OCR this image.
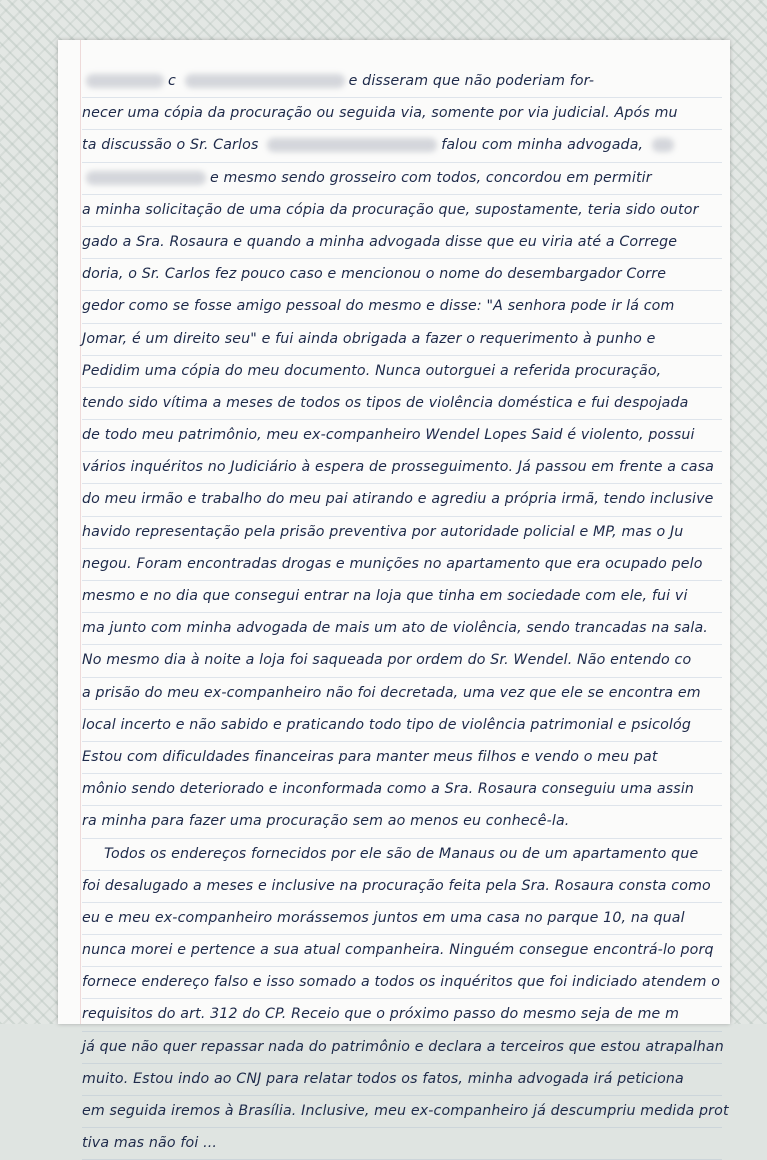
c	e disseram que não poderiam for-
necer uma cópia da procuração ou seguida via, somente por via judicial. Após mu
ta discussão o Sr. Carlos	falou com minha advogada,
e mesmo sendo grosseiro com todos, concordou em permitir
a minha solicitação de uma cópia da procuração que, supostamente, teria sido outor
gado a Sra. Rosaura e quando a minha advogada disse que eu viria até a Correge
doria, o Sr. Carlos fez pouco caso e mencionou o nome do desembargador Corre
gedor como se fosse amigo pessoal do mesmo e disse: "A senhora pode ir lá com
Jomar, é um direito seu" e fui ainda obrigada a fazer o requerimento à punho e
Pedidim uma cópia do meu documento. Nunca outorguei a referida procuração,
tendo sido vítima a meses de todos os tipos de violência doméstica e fui despojada
de todo meu patrimônio, meu ex-companheiro Wendel Lopes Said é violento, possui
vários inquéritos no Judiciário à espera de prosseguimento. Já passou em frente a casa
do meu irmão e trabalho do meu pai atirando e agrediu a própria irmã, tendo inclusive
havido representação pela prisão preventiva por autoridade policial e MP, mas o Ju
negou. Foram encontradas drogas e munições no apartamento que era ocupado pelo
mesmo e no dia que consegui entrar na loja que tinha em sociedade com ele, fui vi
ma junto com minha advogada de mais um ato de violência, sendo trancadas na sala.
No mesmo dia à noite a loja foi saqueada por ordem do Sr. Wendel. Não entendo co
a prisão do meu ex-companheiro não foi decretada, uma vez que ele se encontra em
local incerto e não sabido e praticando todo tipo de violência patrimonial e psicológ
Estou com dificuldades financeiras para manter meus filhos e vendo o meu pat
mônio sendo deteriorado e inconformada como a Sra. Rosaura conseguiu uma assin
ra minha para fazer uma procuração sem ao menos eu conhecê-la.
Todos os endereços fornecidos por ele são de Manaus ou de um apartamento que
foi desalugado a meses e inclusive na procuração feita pela Sra. Rosaura consta como
eu e meu ex-companheiro morássemos juntos em uma casa no parque 10, na qual
nunca morei e pertence a sua atual companheira. Ninguém consegue encontrá-lo porq
fornece endereço falso e isso somado a todos os inquéritos que foi indiciado atendem o
requisitos do art. 312 do CP. Receio que o próximo passo do mesmo seja de me m
já que não quer repassar nada do patrimônio e declara a terceiros que estou atrapalhan
muito. Estou indo ao CNJ para relatar todos os fatos, minha advogada irá peticiona
em seguida iremos à Brasília. Inclusive, meu ex-companheiro já descumpriu medida prot
tiva mas não foi ...
